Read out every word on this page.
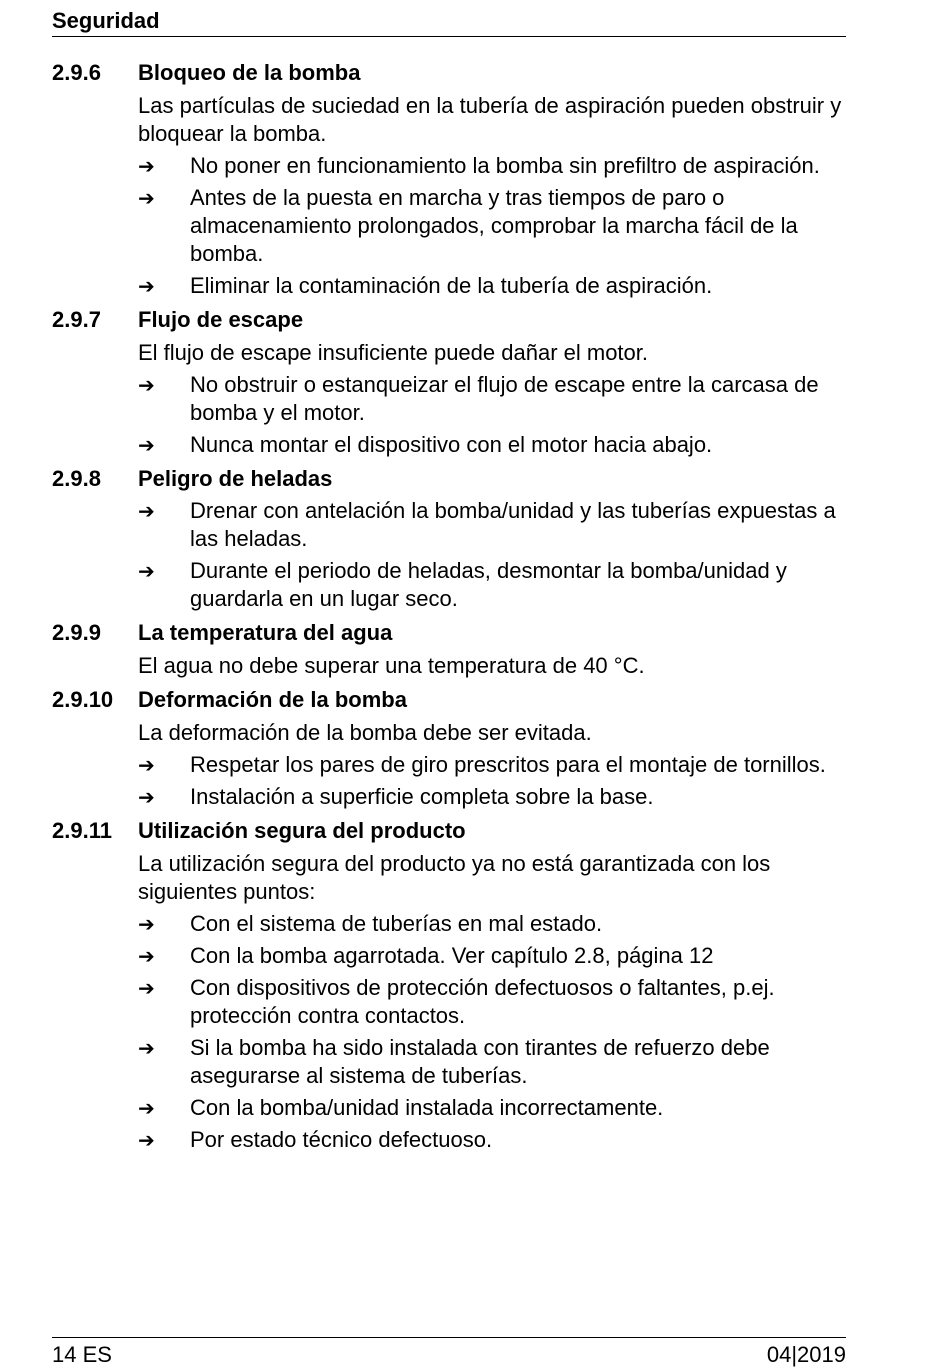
Seguridad
2.9.6	Bloqueo de la bomba
Las partículas de suciedad en la tubería de aspiración pueden obstruir y bloquear la bomba.
➔	No poner en funcionamiento la bomba sin prefiltro de aspiración.
➔	Antes de la puesta en marcha y tras tiempos de paro o almacenamiento prolongados, comprobar la marcha fácil de la bomba.
➔	Eliminar la contaminación de la tubería de aspiración.
2.9.7	Flujo de escape
El flujo de escape insuficiente puede dañar el motor.
➔	No obstruir o estanqueizar el flujo de escape entre la carcasa de bomba y el motor.
➔	Nunca montar el dispositivo con el motor hacia abajo.
2.9.8	Peligro de heladas
➔	Drenar con antelación la bomba/unidad y las tuberías expuestas a las heladas.
➔	Durante el periodo de heladas, desmontar la bomba/unidad y guardarla en un lugar seco.
2.9.9	La temperatura del agua
El agua no debe superar una temperatura de 40 °C.
2.9.10	Deformación de la bomba
La deformación de la bomba debe ser evitada.
➔	Respetar los pares de giro prescritos para el montaje de tornillos.
➔	Instalación a superficie completa sobre la base.
2.9.11	Utilización segura del producto
La utilización segura del producto ya no está garantizada con los siguientes puntos:
➔	Con el sistema de tuberías en mal estado.
➔	Con la bomba agarrotada. Ver capítulo 2.8, página 12
➔	Con dispositivos de protección defectuosos o faltantes, p.ej. protección contra contactos.
➔	Si la bomba ha sido instalada con tirantes de refuerzo debe asegurarse al sistema de tuberías.
➔	Con la bomba/unidad instalada incorrectamente.
➔	Por estado técnico defectuoso.
14 ES	04|2019
